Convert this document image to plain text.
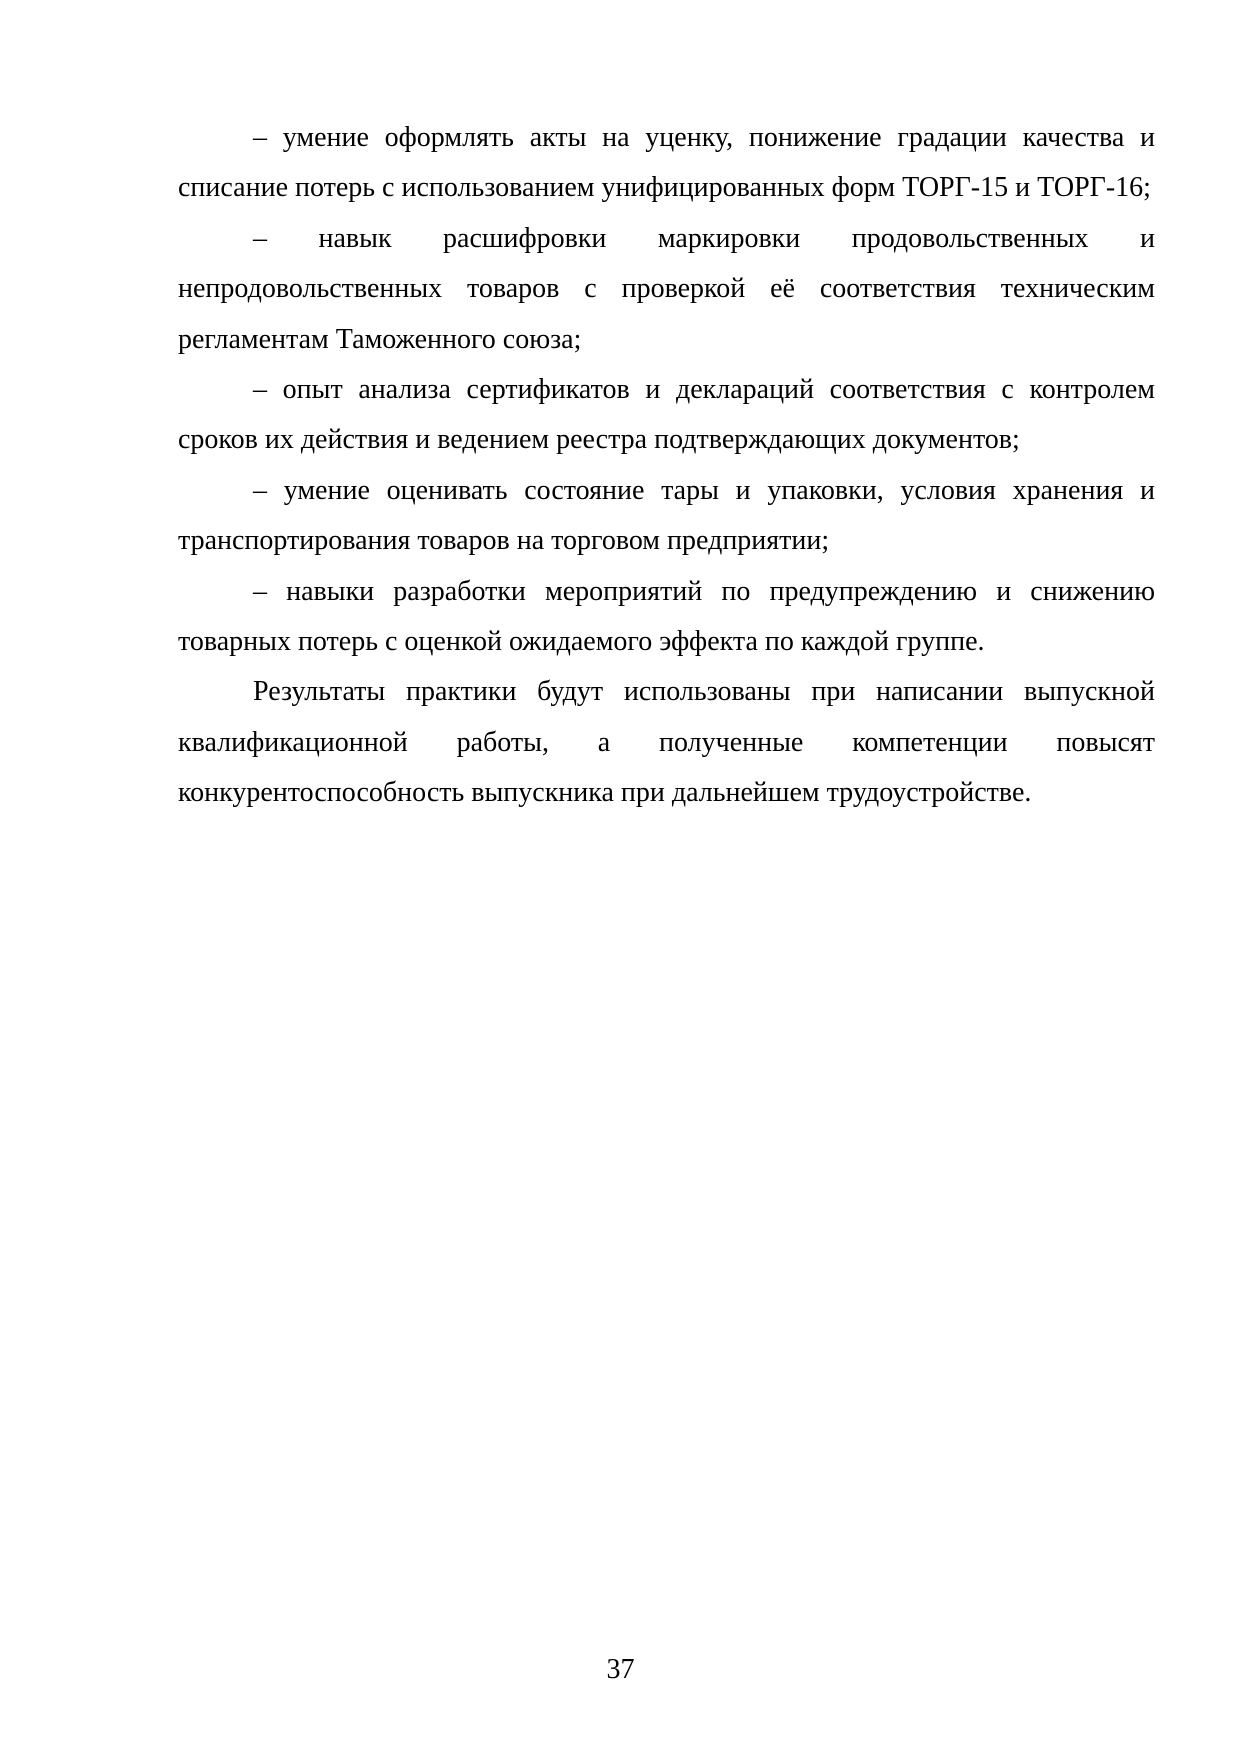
– умение оформлять акты на уценку, понижение градации качества и списание потерь с использованием унифицированных форм ТОРГ-15 и ТОРГ-16;

– навык расшифровки маркировки продовольственных и непродовольственных товаров с проверкой её соответствия техническим регламентам Таможенного союза;

– опыт анализа сертификатов и деклараций соответствия с контролем сроков их действия и ведением реестра подтверждающих документов;

– умение оценивать состояние тары и упаковки, условия хранения и транспортирования товаров на торговом предприятии;

– навыки разработки мероприятий по предупреждению и снижению товарных потерь с оценкой ожидаемого эффекта по каждой группе.

Результаты практики будут использованы при написании выпускной квалификационной работы, а полученные компетенции повысят конкурентоспособность выпускника при дальнейшем трудоустройстве.

37
